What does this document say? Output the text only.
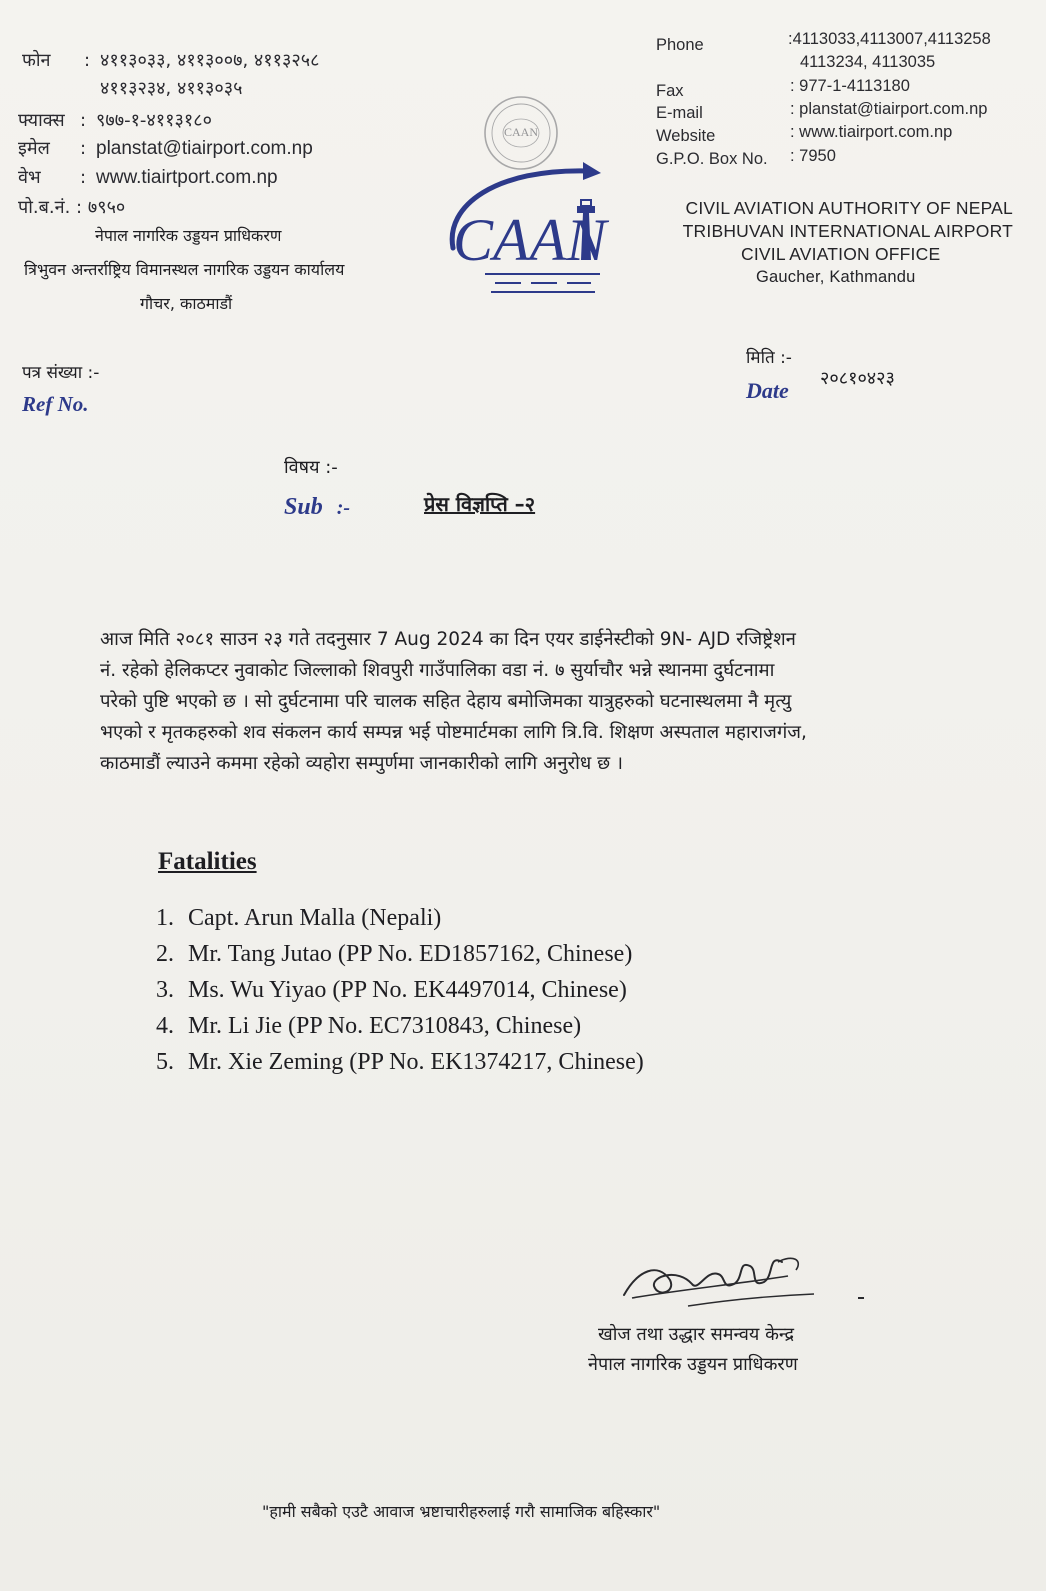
फोन : ४११३०३३, ४११३००७, ४११३२५८
४११३२३४, ४११३०३५
फ्याक्स : ९७७-१-४११३१८०
इमेल : planstat@tiairport.com.np
वेभ : www.tiairtport.com.np
पो.ब.नं. : ७९५०
नेपाल नागरिक उड्डयन प्राधिकरण
त्रिभुवन अन्तर्राष्ट्रिय विमानस्थल नागरिक उड्डयन कार्यालय
गौचर, काठमाडौं
CAAN
CAAN
Phone	:4113033,4113007,4113258
4113234, 4113035
Fax	: 977-1-4113180
E-mail	: planstat@tiairport.com.np
Website	: www.tiairport.com.np
G.P.O. Box No. : 7950
CIVIL AVIATION AUTHORITY OF NEPAL
TRIBHUVAN INTERNATIONAL AIRPORT
CIVIL AVIATION OFFICE
Gaucher, Kathmandu
पत्र संख्या :-
Ref No.
मिति :-
Date २०८१०४२३
विषय :-
Sub :-	प्रेस विज्ञप्ति –२
आज मिति २०८१ साउन २३ गते तदनुसार 7 Aug 2024 का दिन एयर डाईनेस्टीको 9N- AJD रजिष्ट्रेशन
नं. रहेको हेलिकप्टर नुवाकोट जिल्लाको शिवपुरी गाउँपालिका वडा नं. ७ सुर्याचौर भन्ने स्थानमा दुर्घटनामा
परेको पुष्टि भएको छ । सो दुर्घटनामा परि चालक सहित देहाय बमोजिमका यात्रुहरुको घटनास्थलमा नै मृत्यु
भएको र मृतकहरुको शव संकलन कार्य सम्पन्न भई पोष्टमार्टमका लागि त्रि.वि. शिक्षण अस्पताल महाराजगंज,
काठमाडौं ल्याउने कममा रहेको व्यहोरा सम्पुर्णमा जानकारीको लागि अनुरोध छ ।
Fatalities
1. Capt. Arun Malla (Nepali)
2. Mr. Tang Jutao (PP No. ED1857162, Chinese)
3. Ms. Wu Yiyao (PP No. EK4497014, Chinese)
4. Mr. Li Jie (PP No. EC7310843, Chinese)
5. Mr. Xie Zeming (PP No. EK1374217, Chinese)
खोज तथा उद्धार समन्वय केन्द्र
नेपाल नागरिक उड्डयन प्राधिकरण
"हामी सबैको एउटै आवाज भ्रष्टाचारीहरुलाई गरौ सामाजिक बहिस्कार"
